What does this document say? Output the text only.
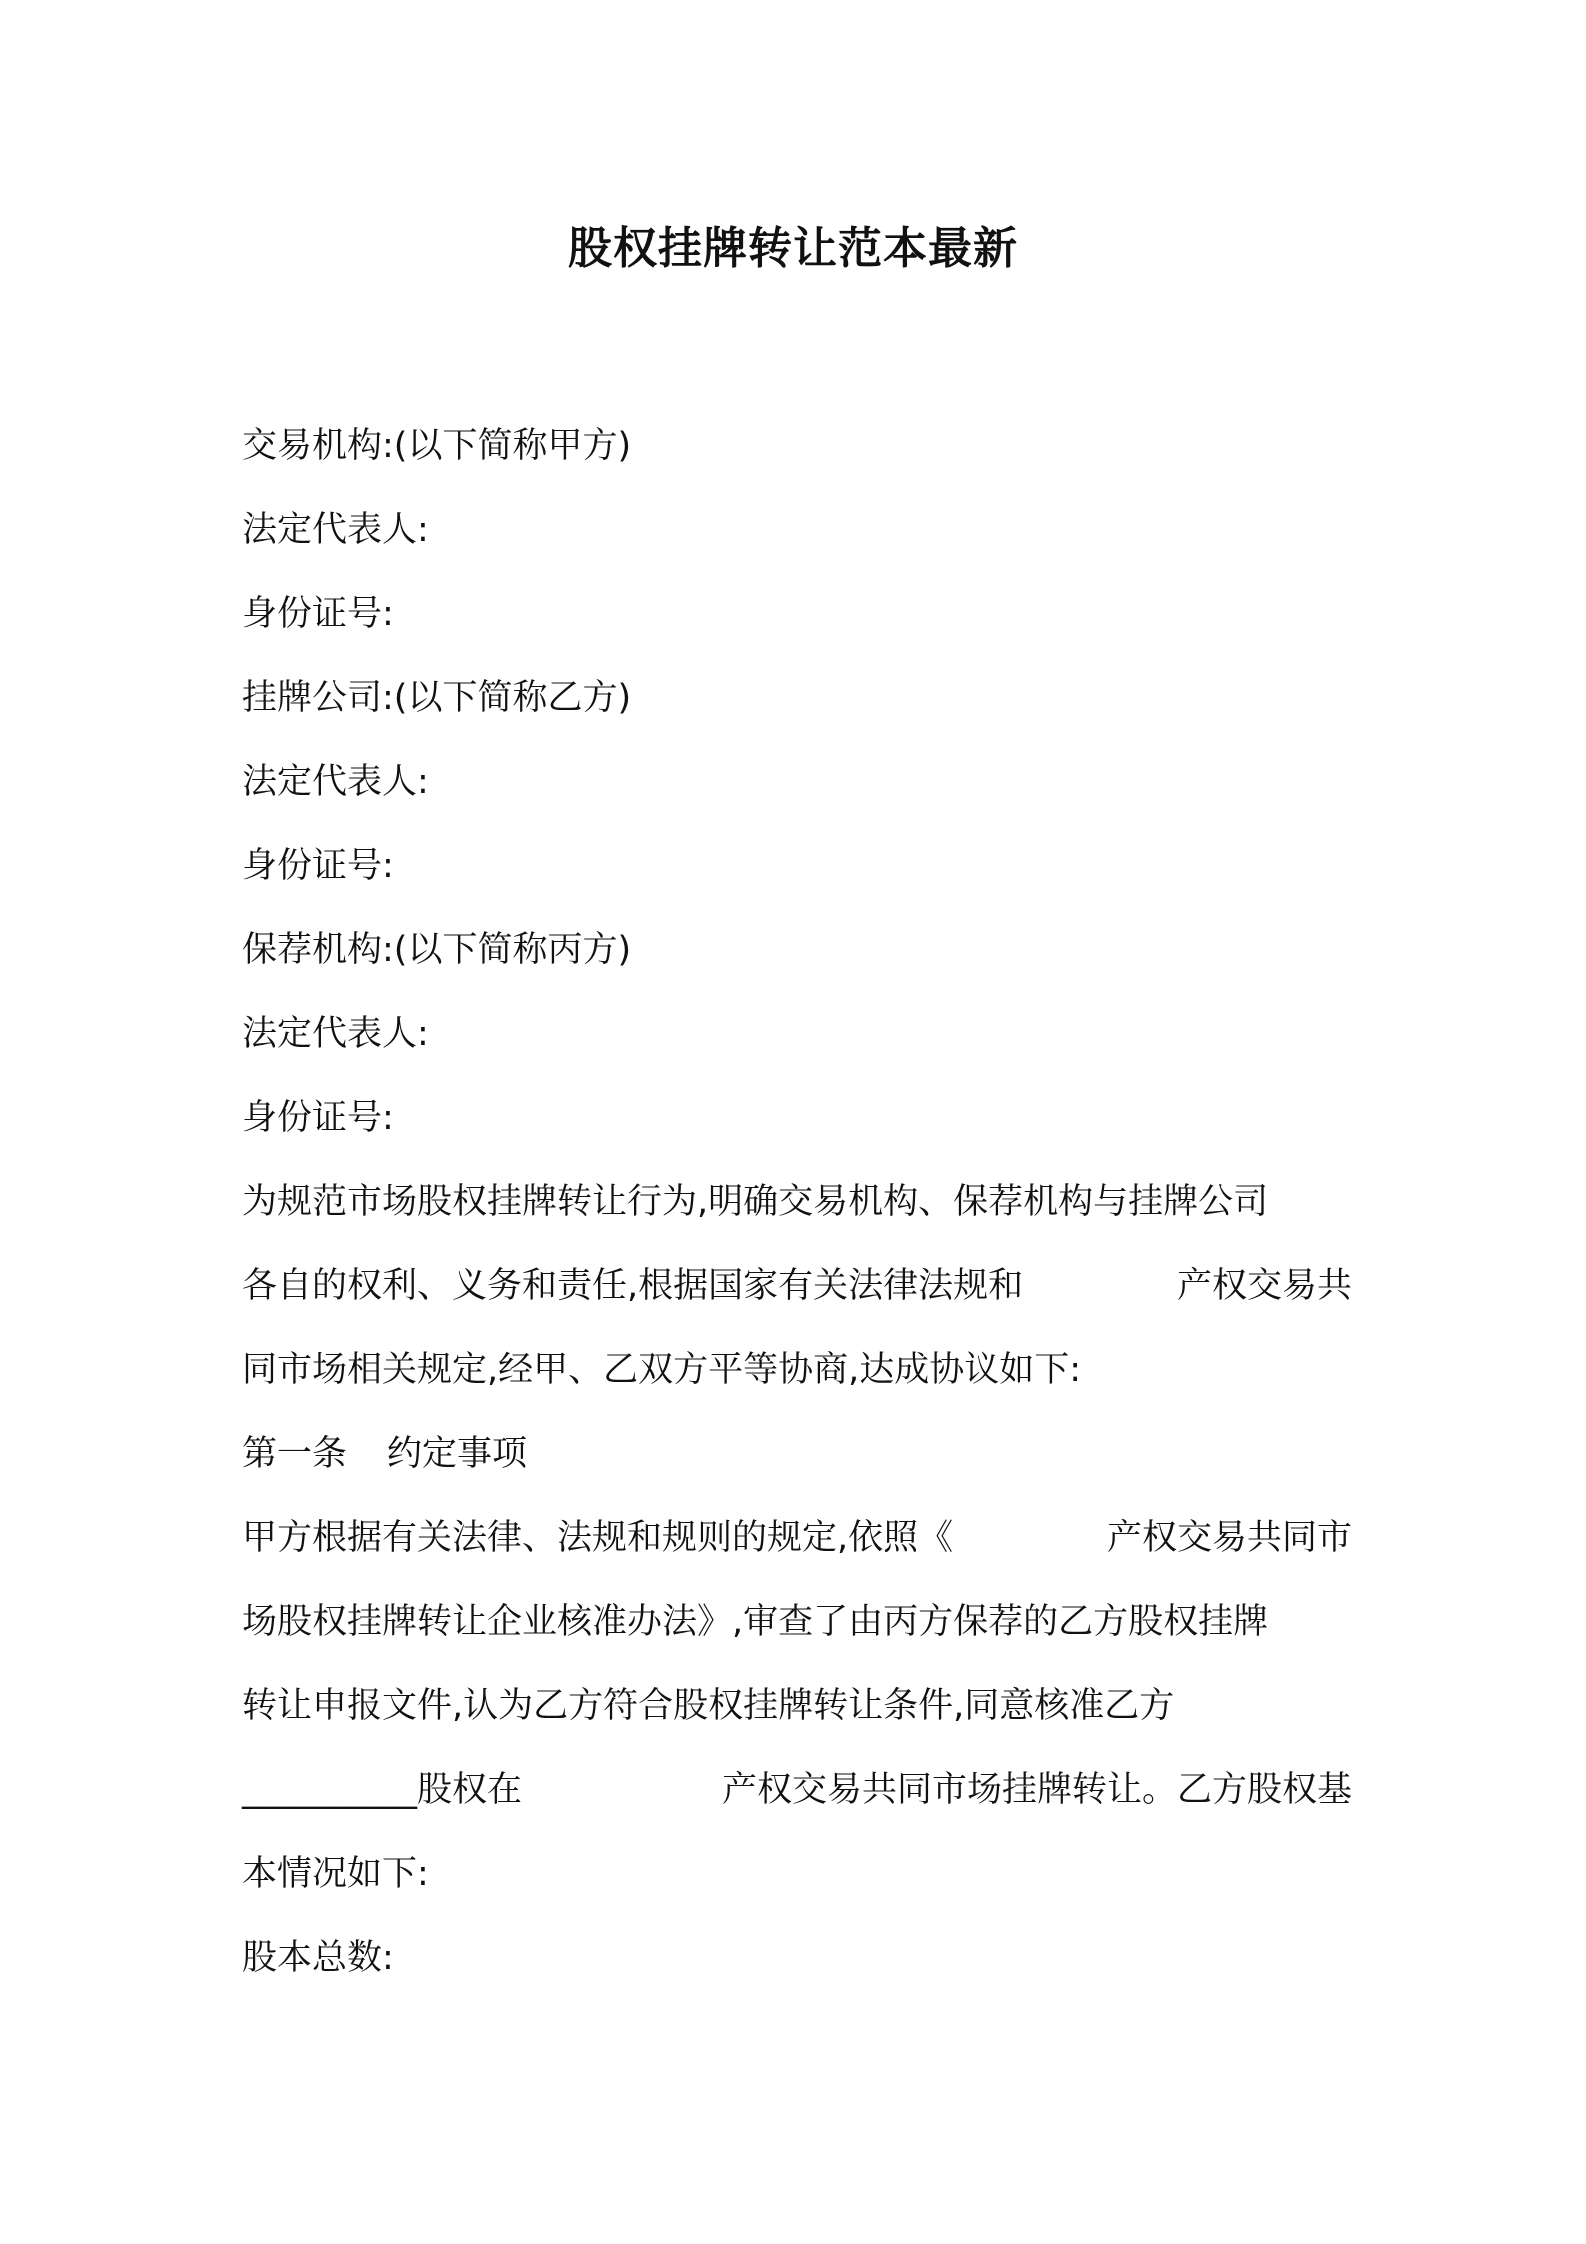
股权挂牌转让范本最新
交易机构:(以下简称甲方)
法定代表人:
身份证号:
挂牌公司:(以下简称乙方)
法定代表人:
身份证号:
保荐机构:(以下简称丙方)
法定代表人:
身份证号:
为规范市场股权挂牌转让行为,明确交易机构、保荐机构与挂牌公司
各自的权利、义务和责任,根据国家有关法律法规和	产权交易共
同市场相关规定,经甲、乙双方平等协商,达成协议如下:
第一条 约定事项
甲方根据有关法律、法规和规则的规定,依照《	产权交易共同市
场股权挂牌转让企业核准办法》,审查了由丙方保荐的乙方股权挂牌
转让申报文件,认为乙方符合股权挂牌转让条件,同意核准乙方
__________股权在	产权交易共同市场挂牌转让。乙方股权基
本情况如下:
股本总数:
